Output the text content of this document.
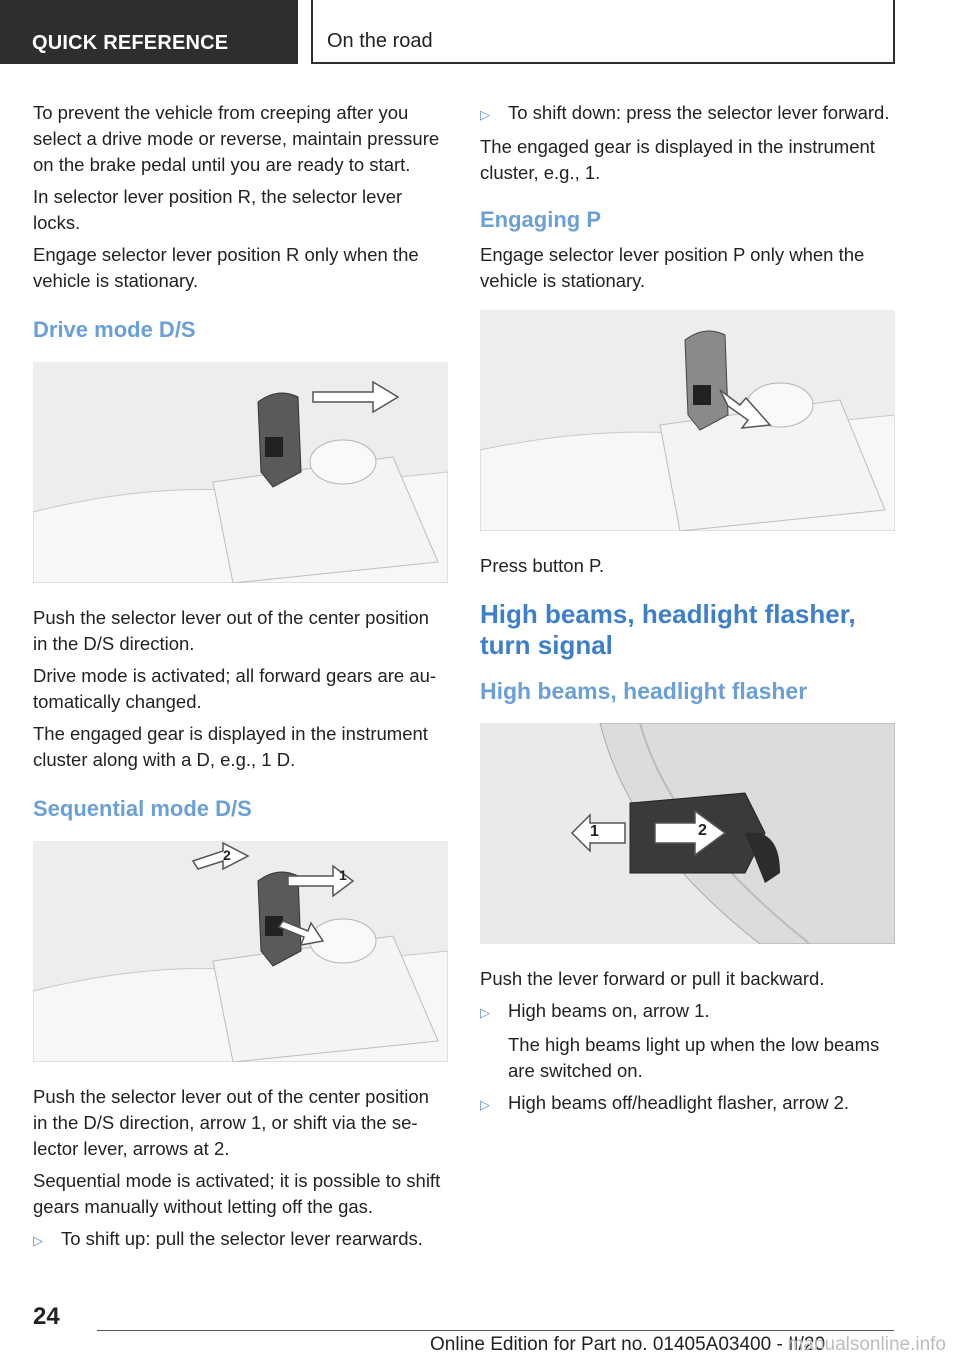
QUICK REFERENCE	On the road

To prevent the vehicle from creeping after you select a drive mode or reverse, maintain pressure on the brake pedal until you are ready to start.

In selector lever position R, the selector lever locks.

Engage selector lever position R only when the vehicle is stationary.

Drive mode D/S

Push the selector lever out of the center position in the D/S direction.

Drive mode is activated; all forward gears are automatically changed.

The engaged gear is displayed in the instrument cluster along with a D, e.g., 1 D.

Sequential mode D/S
1
2

Push the selector lever out of the center position in the D/S direction, arrow 1, or shift via the selector lever, arrows at 2.

Sequential mode is activated; it is possible to shift gears manually without letting off the gas.

▷ To shift up: pull the selector lever rearwards.
▷ To shift down: press the selector lever forward.

The engaged gear is displayed in the instrument cluster, e.g., 1.

Engaging P

Engage selector lever position P only when the vehicle is stationary.

Press button P.

High beams, headlight flasher, turn signal
High beams, headlight flasher
1	2

Push the lever forward or pull it backward.

▷ High beams on, arrow 1.

The high beams light up when the low beams are switched on.

▷ High beams off/headlight flasher, arrow 2.
24
Online Edition for Part no. 01405A03400 - II/20
manualsonline.info
